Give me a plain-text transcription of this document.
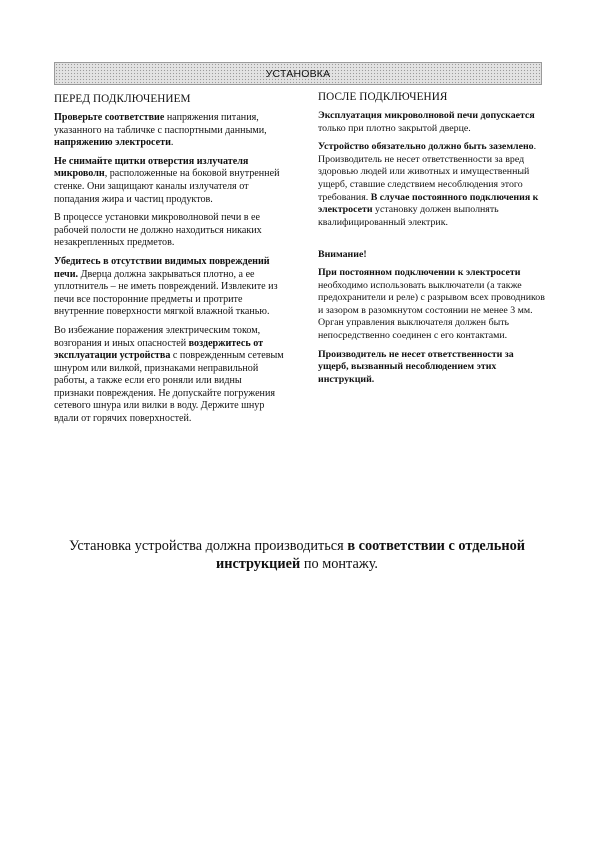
УСТАНОВКА
ПЕРЕД ПОДКЛЮЧЕНИЕМ

Проверьте соответствие напряжения питания, указанного на табличке с паспортными данными, напряжению электросети.

Не снимайте щитки отверстия излучателя микроволн, расположенные на боковой внутренней стенке. Они защищают каналы излучателя от попадания жира и частиц продуктов.

В процессе установки микроволновой печи в ее рабочей полости не должно находиться никаких незакрепленных предметов.

Убедитесь в отсутствии видимых повреждений печи. Дверца должна закрываться плотно, а ее уплотнитель – не иметь повреждений. Извлеките из печи все посторонние предметы и протрите внутренние поверхности мягкой влажной тканью.

Во избежание поражения электрическим током, возгорания и иных опасностей воздержитесь от эксплуатации устройства с поврежденным сетевым шнуром или вилкой, признаками неправильной работы, а также если его роняли или видны признаки повреждения. Не допускайте погружения сетевого шнура или вилки в воду. Держите шнур вдали от горячих поверхностей.

ПОСЛЕ ПОДКЛЮЧЕНИЯ

Эксплуатация микроволновой печи допускается только при плотно закрытой дверце.

Устройство обязательно должно быть заземлено. Производитель не несет ответственности за вред здоровью людей или животных и имущественный ущерб, ставшие следствием несоблюдения этого требования. В случае постоянного подключения к электросети установку должен выполнять квалифицированный электрик.

Внимание!

При постоянном подключении к электросети необходимо использовать выключатели (а также предохранители и реле) с разрывом всех проводников и зазором в разомкнутом состоянии не менее 3 мм. Орган управления выключателя должен быть непосредственно соединен с его контактами.

Производитель не несет ответственности за ущерб, вызванный несоблюдением этих инструкций.

Установка устройства должна производиться в соответствии с отдельной инструкцией по монтажу.
